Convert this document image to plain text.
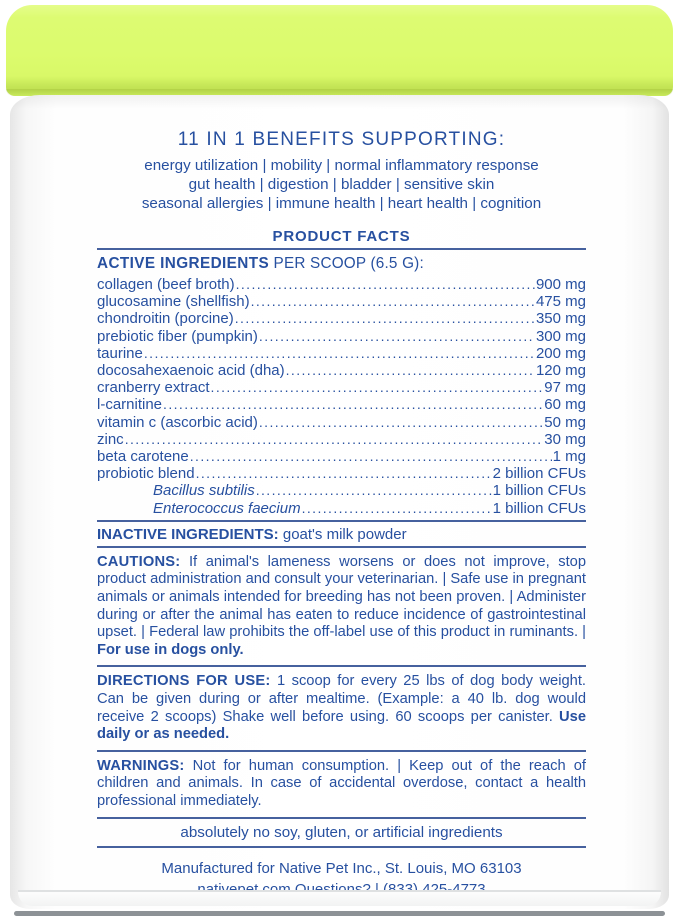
11 IN 1 BENEFITS SUPPORTING:
energy utilization | mobility | normal inflammatory response
gut health | digestion | bladder | sensitive skin
seasonal allergies | immune health | heart health | cognition
PRODUCT FACTS
ACTIVE INGREDIENTS PER SCOOP (6.5 G):
collagen (beef broth) .....	900 mg
glucosamine (shellfish) .....	475 mg
chondroitin (porcine) .....	350 mg
prebiotic fiber (pumpkin) .....	300 mg
taurine .....	200 mg
docosahexaenoic acid (dha) .....	120 mg
cranberry extract .....	97 mg
l-carnitine .....	60 mg
vitamin c (ascorbic acid) .....	50 mg
zinc .....	30 mg
beta carotene .....	1 mg
probiotic blend .....	2 billion CFUs
Bacillus subtilis .....	1 billion CFUs
Enterococcus faecium .....	1 billion CFUs
INACTIVE INGREDIENTS: goat's milk powder

CAUTIONS: If animal's lameness worsens or does not improve, stop product administration and consult your veterinarian. | Safe use in pregnant animals or animals intended for breeding has not been proven. | Administer during or after the animal has eaten to reduce incidence of gastrointestinal upset. | Federal law prohibits the off-label use of this product in ruminants. | For use in dogs only.

DIRECTIONS FOR USE: 1 scoop for every 25 lbs of dog body weight. Can be given during or after mealtime. (Example: a 40 lb. dog would receive 2 scoops) Shake well before using. 60 scoops per canister. Use daily or as needed.

WARNINGS: Not for human consumption. | Keep out of the reach of children and animals. In case of accidental overdose, contact a health professional immediately.

absolutely no soy, gluten, or artificial ingredients
Manufactured for Native Pet Inc., St. Louis, MO 63103
